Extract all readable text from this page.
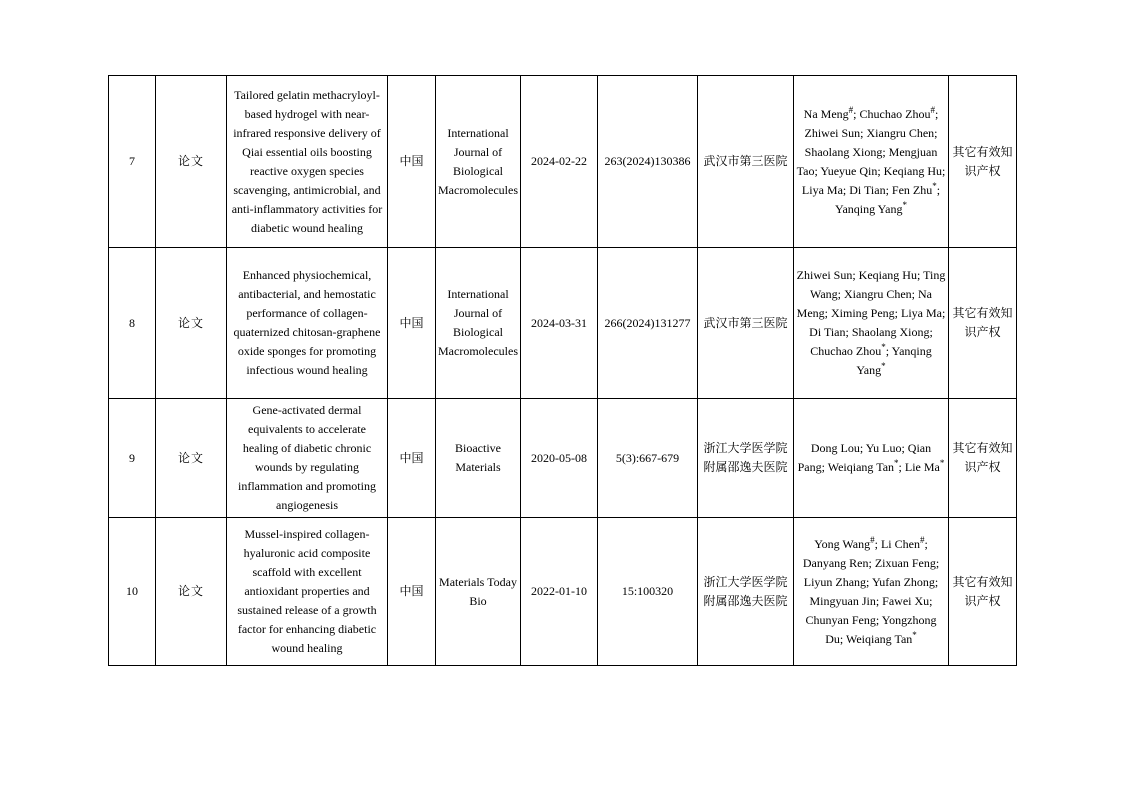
7	论文	Tailored gelatin methacryloyl-based hydrogel with near-infrared responsive delivery of Qiai essential oils boosting reactive oxygen species scavenging, antimicrobial, and anti-inflammatory activities for diabetic wound healing	中国	International Journal of Biological Macromolecules	2024-02-22	263(2024)130386	武汉市第三医院	Na Meng#; Chuchao Zhou#; Zhiwei Sun; Xiangru Chen; Shaolang Xiong; Mengjuan Tao; Yueyue Qin; Keqiang Hu; Liya Ma; Di Tian; Fen Zhu*; Yanqing Yang*	其它有效知识产权
8	论文	Enhanced physiochemical, antibacterial, and hemostatic performance of collagen-quaternized chitosan-graphene oxide sponges for promoting infectious wound healing	中国	International Journal of Biological Macromolecules	2024-03-31	266(2024)131277	武汉市第三医院	Zhiwei Sun; Keqiang Hu; Ting Wang; Xiangru Chen; Na Meng; Ximing Peng; Liya Ma; Di Tian; Shaolang Xiong; Chuchao Zhou*; Yanqing Yang*	其它有效知识产权
9	论文	Gene-activated dermal equivalents to accelerate healing of diabetic chronic wounds by regulating inflammation and promoting angiogenesis	中国	Bioactive Materials	2020-05-08	5(3):667-679	浙江大学医学院附属邵逸夫医院	Dong Lou; Yu Luo; Qian Pang; Weiqiang Tan*; Lie Ma*	其它有效知识产权
10	论文	Mussel-inspired collagen-hyaluronic acid composite scaffold with excellent antioxidant properties and sustained release of a growth factor for enhancing diabetic wound healing	中国	Materials Today Bio	2022-01-10	15:100320	浙江大学医学院附属邵逸夫医院	Yong Wang#; Li Chen#; Danyang Ren; Zixuan Feng; Liyun Zhang; Yufan Zhong; Mingyuan Jin; Fawei Xu; Chunyan Feng; Yongzhong Du; Weiqiang Tan*	其它有效知识产权
